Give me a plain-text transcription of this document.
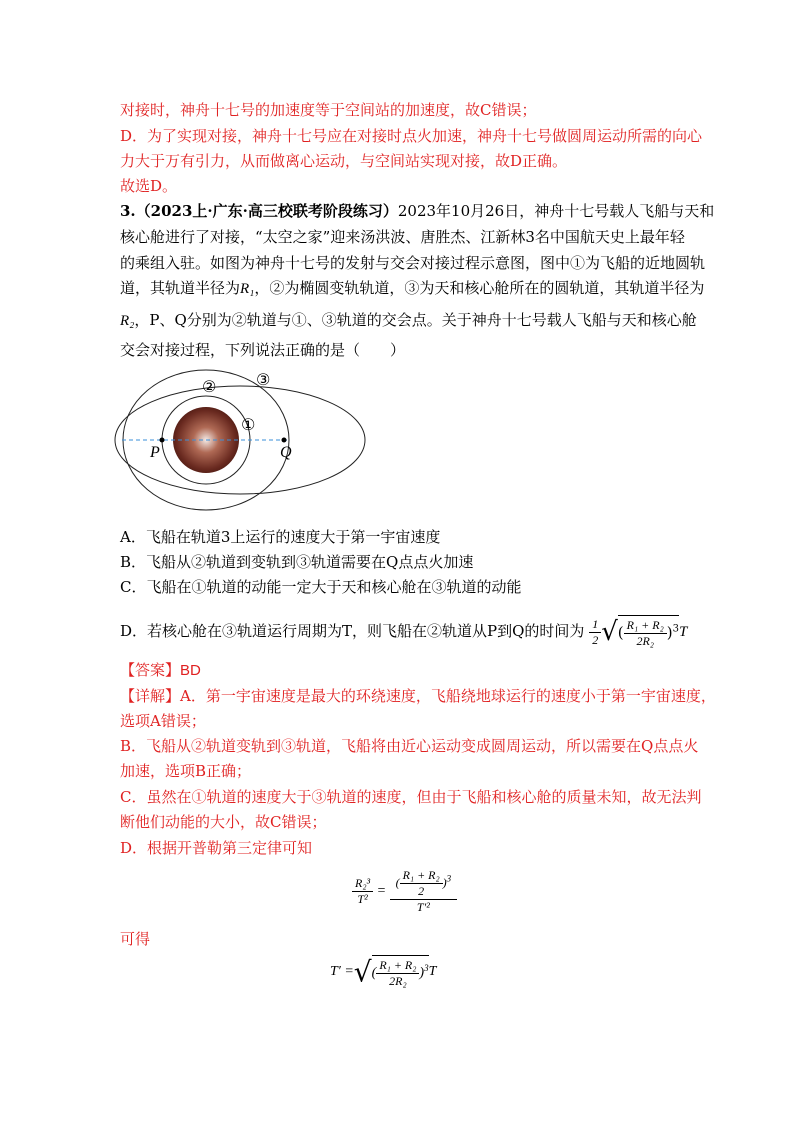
对接时，神舟十七号的加速度等于空间站的加速度，故C错误；
D．为了实现对接，神舟十七号应在对接时点火加速，神舟十七号做圆周运动所需的向心
力大于万有引力，从而做离心运动，与空间站实现对接，故D正确。
故选D。
3.（2023上·广东·高三校联考阶段练习）2023年10月26日，神舟十七号载人飞船与天和
核心舱进行了对接，“太空之家”迎来汤洪波、唐胜杰、江新林3名中国航天史上最年轻
的乘组入驻。如图为神舟十七号的发射与交会对接过程示意图，图中①为飞船的近地圆轨
道，其轨道半径为R₁，②为椭圆变轨轨道，③为天和核心舱所在的圆轨道，其轨道半径为
R₂，P、Q分别为②轨道与①、③轨道的交会点。关于神舟十七号载人飞船与天和核心舱
交会对接过程，下列说法正确的是（　　）
② ③
①
P	Q
A．飞船在轨道3上运行的速度大于第一宇宙速度
B．飞船从②轨道到变轨到③轨道需要在Q点点火加速
C．飞船在①轨道的动能一定大于天和核心舱在③轨道的动能
D．若核心舱在③轨道运行周期为T，则飞船在②轨道从P到Q的时间为 $\frac{1}{2}$ √( $\frac{\text{R₁ + R₂}}{\text{2R₂}} )^3T$
【答案】BD
【详解】A．第一宇宙速度是最大的环绕速度，飞船绕地球运行的速度小于第一宇宙速度，
选项A错误；
B．飞船从②轨道变轨到③轨道，飞船将由近心运动变成圆周运动，所以需要在Q点点火
加速，选项B正确；
C．虽然在①轨道的速度大于③轨道的速度，但由于飞船和核心舱的质量未知，故无法判
断他们动能的大小，故C错误；
D．根据开普勒第三定律可知
$\frac{\text{R₂³}}{\text{T²}} = \frac{( \frac{\text{R₁ + R₂}}{2} )^3}{\text{T′²}}$
可得
T′ =√( $\frac{\text{R₁ + R₂}}{\text{2R₂}} )^3T$
